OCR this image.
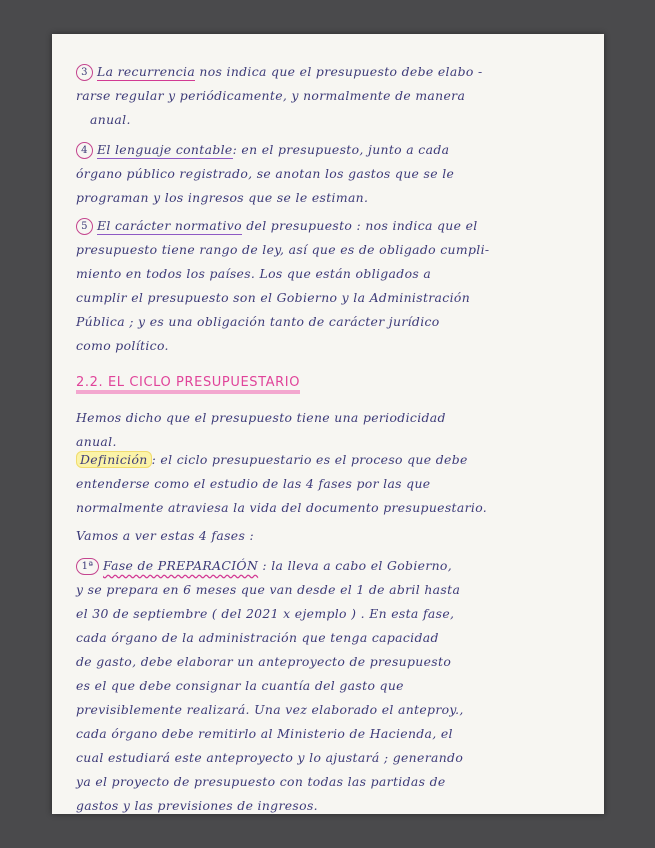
3 La recurrencia nos indica que el presupuesto debe elabo -
rarse regular y periódicamente, y normalmente de manera
anual.
4 El lenguaje contable: en el presupuesto, junto a cada
órgano público registrado, se anotan los gastos que se le
programan y los ingresos que se le estiman.
5 El carácter normativo del presupuesto : nos indica que el
presupuesto tiene rango de ley, así que es de obligado cumpli-
miento en todos los países. Los que están obligados a
cumplir el presupuesto son el Gobierno y la Administración
Pública ; y es una obligación tanto de carácter jurídico
como político.
2.2. EL CICLO PRESUPUESTARIO
Hemos dicho que el presupuesto tiene una periodicidad
anual.
Definición : el ciclo presupuestario es el proceso que debe
entenderse como el estudio de las 4 fases por las que
normalmente atraviesa la vida del documento presupuestario.
Vamos a ver estas 4 fases :
1ª Fase de PREPARACIÓN : la lleva a cabo el Gobierno,
y se prepara en 6 meses que van desde el 1 de abril hasta
el 30 de septiembre ( del 2021 x ejemplo ) . En esta fase,
cada órgano de la administración que tenga capacidad
de gasto, debe elaborar un anteproyecto de presupuesto
es el que debe consignar la cuantía del gasto que
previsiblemente realizará. Una vez elaborado el anteproy.,
cada órgano debe remitirlo al Ministerio de Hacienda, el
cual estudiará este anteproyecto y lo ajustará ; generando
ya el proyecto de presupuesto con todas las partidas de
gastos y las previsiones de ingresos.
